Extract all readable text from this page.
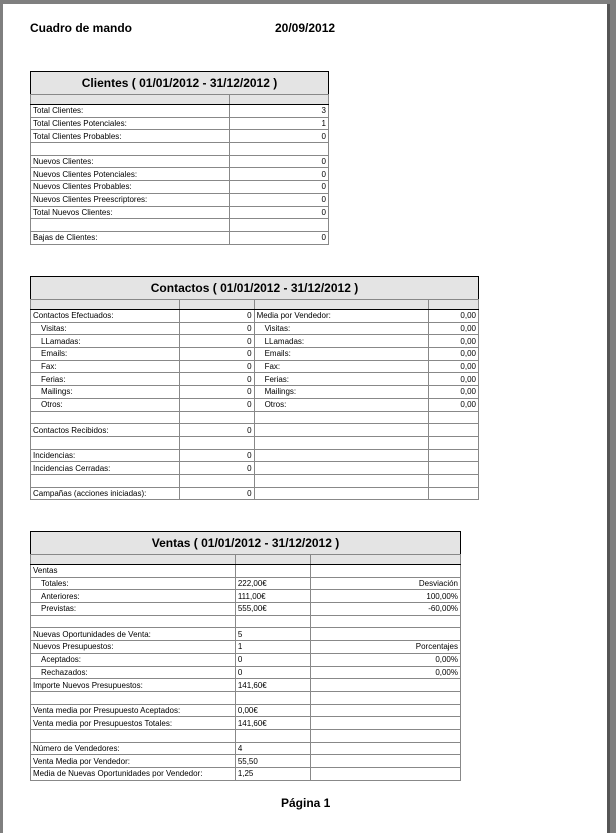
Cuadro de mando	20/09/2012
Clientes ( 01/01/2012 - 31/12/2012 )	

Total Clientes:	3
Total Clientes Potenciales:	1
Total Clientes Probables:	0

Nuevos Clientes:	0
Nuevos Clientes Potenciales:	0
Nuevos Clientes Probables:	0
Nuevos Clientes Preescriptores:	0
Total Nuevos Clientes:	0

Bajas de Clientes:	0
Contactos ( 01/01/2012 - 31/12/2012 )			

Contactos Efectuados:	0	Media por Vendedor:	0,00
Visitas:	0	Visitas:	0,00
LLamadas:	0	LLamadas:	0,00
Emails:	0	Emails:	0,00
Fax:	0	Fax:	0,00
Ferias:	0	Ferias:	0,00
Mailings:	0	Mailings:	0,00
Otros:	0	Otros:	0,00

Contactos Recibidos:	0		

Incidencias:	0		
Incidencias Cerradas:	0		

Campañas (acciones iniciadas):	0		
Ventas ( 01/01/2012 - 31/12/2012 )		

Ventas		
Totales:	222,00€	Desviación
Anteriores:	111,00€	100,00%
Previstas:	555,00€	-60,00%

Nuevas Oportunidades de Venta:	5	
Nuevos Presupuestos:	1	Porcentajes
Aceptados:	0	0,00%
Rechazados:	0	0,00%
Importe Nuevos Presupuestos:	141,60€	

Venta media por Presupuesto Aceptados:	0,00€	
Venta media por Presupuestos Totales:	141,60€	

Número de Vendedores:	4	
Venta Media por Vendedor:	55,50	
Media de Nuevas Oportunidades por Vendedor:	1,25	
Página 1
